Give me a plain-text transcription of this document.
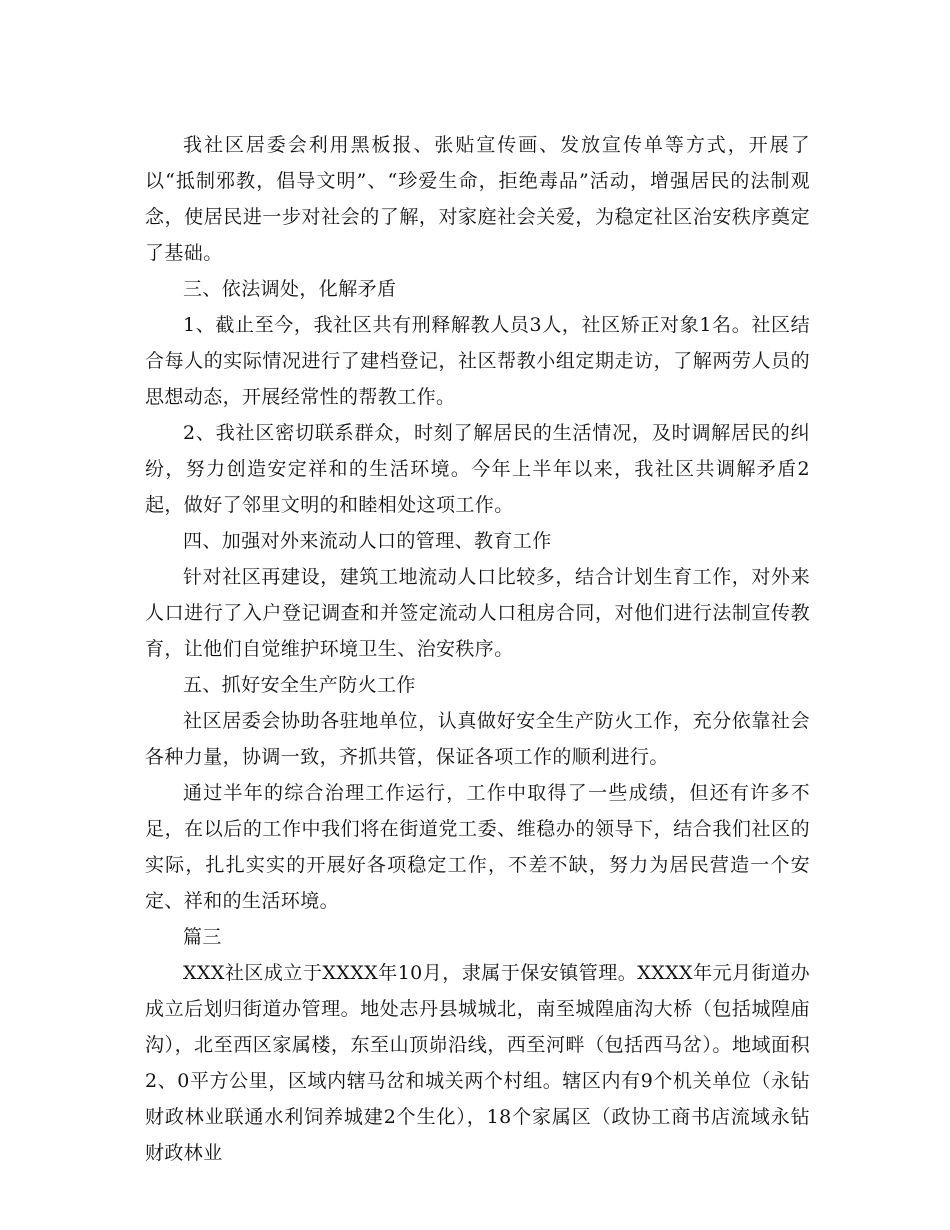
我社区居委会利用黑板报、张贴宣传画、发放宣传单等方式，开展了以“抵制邪教，倡导文明”、“珍爱生命，拒绝毒品”活动，增强居民的法制观念，使居民进一步对社会的了解，对家庭社会关爱，为稳定社区治安秩序奠定了基础。

三、依法调处，化解矛盾

1、截止至今，我社区共有刑释解教人员3人，社区矫正对象1名。社区结合每人的实际情况进行了建档登记，社区帮教小组定期走访，了解两劳人员的思想动态，开展经常性的帮教工作。

2、我社区密切联系群众，时刻了解居民的生活情况，及时调解居民的纠纷，努力创造安定祥和的生活环境。今年上半年以来，我社区共调解矛盾2起，做好了邻里文明的和睦相处这项工作。

四、加强对外来流动人口的管理、教育工作

针对社区再建设，建筑工地流动人口比较多，结合计划生育工作，对外来人口进行了入户登记调查和并签定流动人口租房合同，对他们进行法制宣传教育，让他们自觉维护环境卫生、治安秩序。

五、抓好安全生产防火工作

社区居委会协助各驻地单位，认真做好安全生产防火工作，充分依靠社会各种力量，协调一致，齐抓共管，保证各项工作的顺利进行。

通过半年的综合治理工作运行，工作中取得了一些成绩，但还有许多不足，在以后的工作中我们将在街道党工委、维稳办的领导下，结合我们社区的实际，扎扎实实的开展好各项稳定工作，不差不缺，努力为居民营造一个安定、祥和的生活环境。

篇三

XXX社区成立于XXXX年10月，隶属于保安镇管理。XXXX年元月街道办成立后划归街道办管理。地处志丹县城城北，南至城隍庙沟大桥（包括城隍庙沟），北至西区家属楼，东至山顶峁沿线，西至河畔（包括西马岔）。地域面积2、0平方公里，区域内辖马岔和城关两个村组。辖区内有9个机关单位（永钻财政林业联通水利饲养城建2个生化），18个家属区（政协工商书店流域永钻财政林业
